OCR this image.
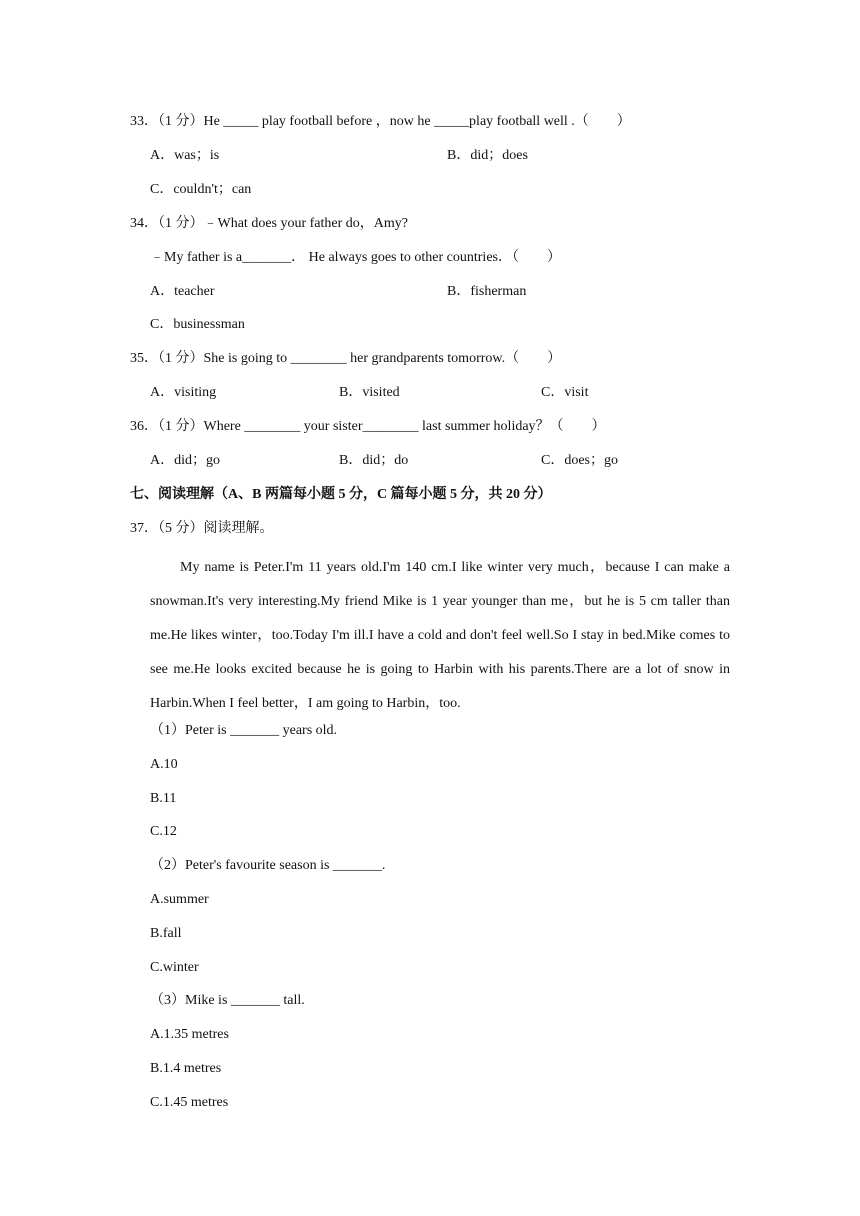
33．（1 分）He _____ play football before ，now he _____play football well .（　　）
A．was；is	B．did；does
C．couldn't；can
34．（1 分）﹣What does your father do，Amy?
﹣My father is a_______． He always goes to other countries．（　　）
A．teacher	B．fisherman
C．businessman
35．（1 分）She is going to ________ her grandparents tomorrow.（　　）
A．visiting	B．visited	C．visit
36．（1 分）Where ________ your sister________ last summer holiday？（　　）
A．did；go	B．did；do	C．does；go
七、阅读理解（A、B 两篇每小题 5 分，C 篇每小题 5 分，共 20 分）
37．（5 分）阅读理解。
My name is Peter.I'm 11 years old.I'm 140 cm.I like winter very much，because I can make a snowman.It's very interesting.My friend Mike is 1 year younger than me，but he is 5 cm taller than me.He likes winter，too.Today I'm ill.I have a cold and don't feel well.So I stay in bed.Mike comes to see me.He looks excited because he is going to Harbin with his parents.There are a lot of snow in Harbin.When I feel better，I am going to Harbin，too.
（1）Peter is _______ years old.
A.10
B.11
C.12
（2）Peter's favourite season is _______.
A.summer
B.fall
C.winter
（3）Mike is _______ tall.
A.1.35 metres
B.1.4 metres
C.1.45 metres
